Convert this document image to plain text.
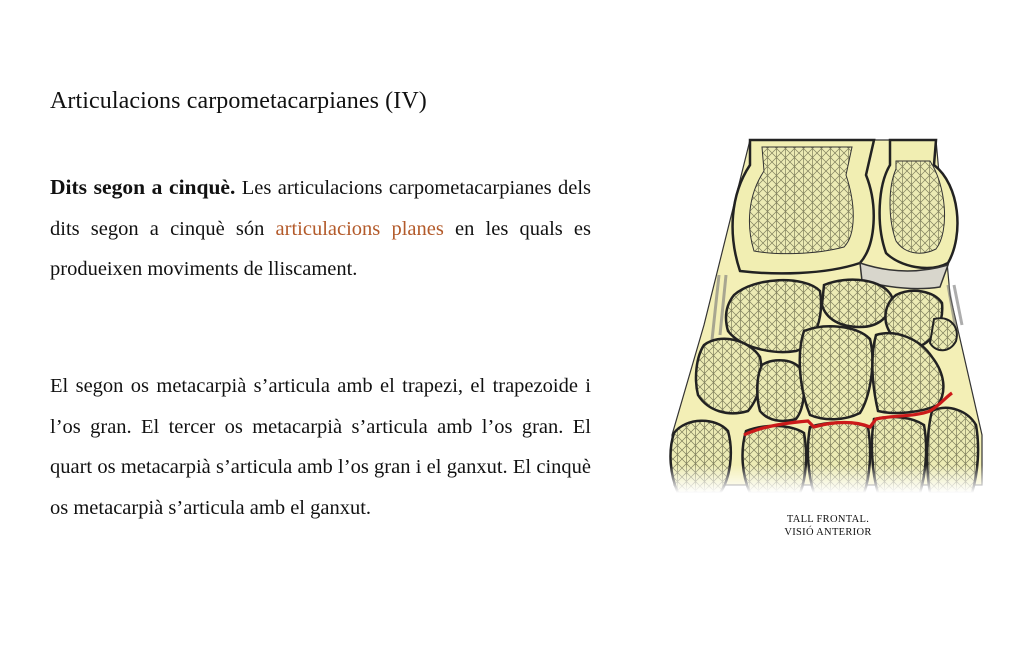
Articulacions carpometacarpianes (IV)

Dits segon a cinquè. Les articulacions carpometacarpianes dels dits segon a cinquè són articulacions planes en les quals es produeixen moviments de lliscament.

El segon os metacarpià s’articula amb el trapezi, el trapezoide i l’os gran. El tercer os metacarpià s’articula amb l’os gran. El quart os metacarpià s’articula amb l’os gran i el ganxut. El cinquè os metacarpià s’articula amb el ganxut.

TALL FRONTAL.
VISIÓ ANTERIOR
